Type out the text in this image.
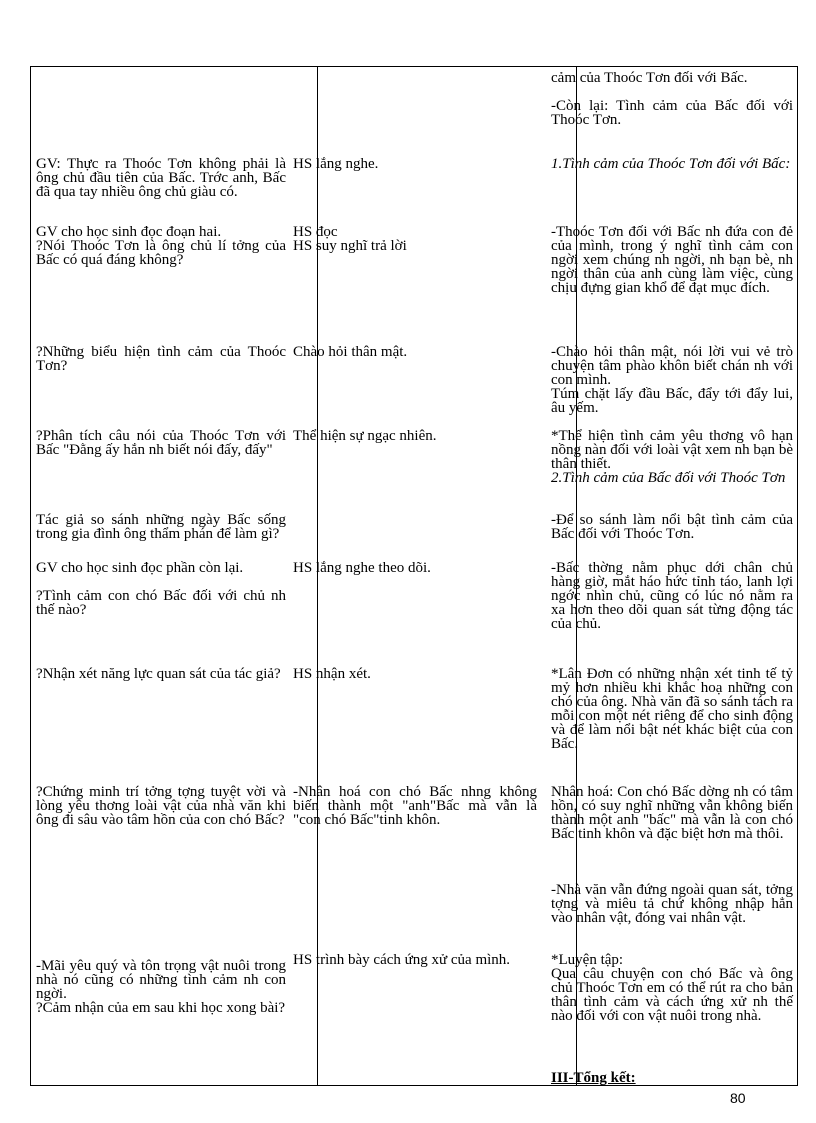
GV: Thực ra Thoóc Tơn không phải là ông chủ đầu tiên của Bấc. Trớc anh, Bấc đã qua tay nhiều ông chủ giàu có.

GV cho học sinh đọc đoạn hai.

?Nói Thoóc Tơn là ông chủ lí tởng của Bấc có quá đáng không?

?Những biểu hiện tình cảm của Thoóc Tơn?

?Phân tích câu nói của Thoóc Tơn với Bấc "Đằng ấy hắn nh biết nói đấy, đấy"

Tác giả so sánh những ngày Bấc sống trong gia đình ông thẩm phán để làm gì?

GV cho học sinh đọc phần còn lại.

?Tình cảm con chó Bấc đối với chủ nh thế nào?

?Nhận xét năng lực quan sát của tác giả?

?Chứng minh trí tởng tợng tuyệt vời và lòng yêu thơng loài vật của nhà văn khi ông đi sâu vào tâm hồn của con chó Bấc?

-Mãi yêu quý và tôn trọng vật nuôi trong nhà nó cũng có những tình cảm nh con ngời.

?Cảm nhận của em sau khi học xong bài?

HS lắng nghe.

HS đọc

HS suy nghĩ trả lời

Chào hỏi thân mật.

Thể hiện sự ngạc nhiên.

HS lắng nghe theo dõi.

HS nhận xét.

-Nhân hoá con chó Bấc nhng không biến thành một "anh"Bấc mà vẫn là "con chó Bấc"tinh khôn.

HS trình bày cách ứng xử của mình.

cảm của Thoóc Tơn đối với Bấc.

-Còn lại: Tình cảm của Bấc đối với Thoóc Tơn.

1.Tình cảm của Thoóc Tơn đối với Bấc:

-Thoóc Tơn đối với Bấc nh đứa con đẻ của mình, trong ý nghĩ tình cảm con ngời xem chúng nh ngời, nh bạn bè, nh ngời thân của anh cùng làm việc, cùng chịu đựng gian khổ để đạt mục đích.

-Chào hỏi thân mật, nói lời vui vẻ trò chuyện tâm phào khôn biết chán nh với con mình.

Túm chặt lấy đầu Bấc, đẩy tới đẩy lui, âu yếm.

*Thể hiện tình cảm yêu thơng vô hạn nồng nàn đối với loài vật xem nh bạn bè thân thiết.

2.Tình cảm của Bấc đối với Thoóc Tơn

-Để so sánh làm nổi bật tình cảm của Bấc đối với Thoóc Tơn.

-Bấc thờng nằm phục dới chân chủ hàng giờ, mắt háo hức tỉnh táo, lanh lợi ngớc nhìn chủ, cũng có lúc nó nằm ra xa hơn theo dõi quan sát từng động tác của chủ.

*Lân Đơn có những nhận xét tinh tế tỷ mỷ hơn nhiều khi khắc hoạ những con chó của ông. Nhà văn đã so sánh tách ra mỗi con một nét riêng để cho sinh động và để làm nổi bật nét khác biệt của con Bấc.

Nhân hoá: Con chó Bấc dờng nh có tâm hồn, có suy nghĩ những vẫn không biến thành một anh "bấc" mà vẫn là con chó Bấc tinh khôn và đặc biệt hơn mà thôi.

-Nhà văn vẫn đứng ngoài quan sát, tởng tợng và miêu tả chứ không nhập hẳn vào nhân vật, đóng vai nhân vật.

*Luyện tập:

Qua câu chuyện con chó Bấc và ông chủ Thoóc Tơn em có thể rút ra cho bản thân tình cảm và cách ứng xử nh thế nào đối với con vật nuôi trong nhà.

III-Tổng kết:

80
